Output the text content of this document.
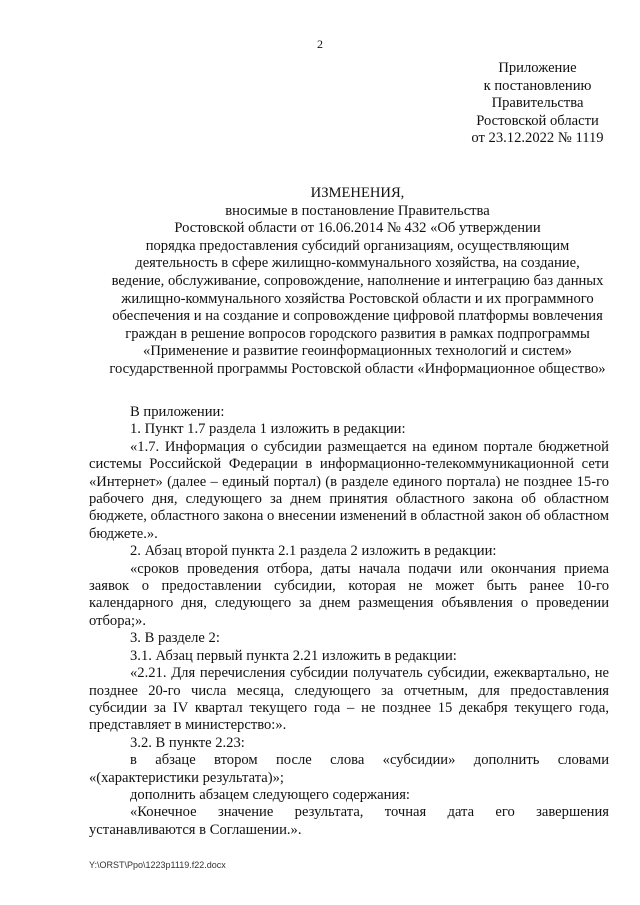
2
Приложение
к постановлению
Правительства
Ростовской области
от 23.12.2022 № 1119
ИЗМЕНЕНИЯ,
вносимые в постановление Правительства
Ростовской области от 16.06.2014 № 432 «Об утверждении
порядка предоставления субсидий организациям, осуществляющим
деятельность в сфере жилищно-коммунального хозяйства, на создание,
ведение, обслуживание, сопровождение, наполнение и интеграцию баз данных
жилищно-коммунального хозяйства Ростовской области и их программного
обеспечения и на создание и сопровождение цифровой платформы вовлечения
граждан в решение вопросов городского развития в рамках подпрограммы
«Применение и развитие геоинформационных технологий и систем»
государственной программы Ростовской области «Информационное общество»

В приложении:

1. Пункт 1.7 раздела 1 изложить в редакции:

«1.7. Информация о субсидии размещается на едином портале бюджетной системы Российской Федерации в информационно-телекоммуникационной сети «Интернет» (далее – единый портал) (в разделе единого портала) не позднее 15-го рабочего дня, следующего за днем принятия областного закона об областном бюджете, областного закона о внесении изменений в областной закон об областном бюджете.».

2. Абзац второй пункта 2.1 раздела 2 изложить в редакции:

«сроков проведения отбора, даты начала подачи или окончания приема заявок о предоставлении субсидии, которая не может быть ранее 10-го календарного дня, следующего за днем размещения объявления о проведении отбора;».

3. В разделе 2:

3.1. Абзац первый пункта 2.21 изложить в редакции:

«2.21. Для перечисления субсидии получатель субсидии, ежеквартально, не позднее 20-го числа месяца, следующего за отчетным, для предоставления субсидии за IV квартал текущего года – не позднее 15 декабря текущего года, представляет в министерство:».

3.2. В пункте 2.23:

в абзаце втором после слова «субсидии» дополнить словами «(характеристики результата)»;

дополнить абзацем следующего содержания:

«Конечное значение результата, точная дата его завершения устанавливаются в Соглашении.».

Y:\ORST\Ppo\1223p1119.f22.docx
